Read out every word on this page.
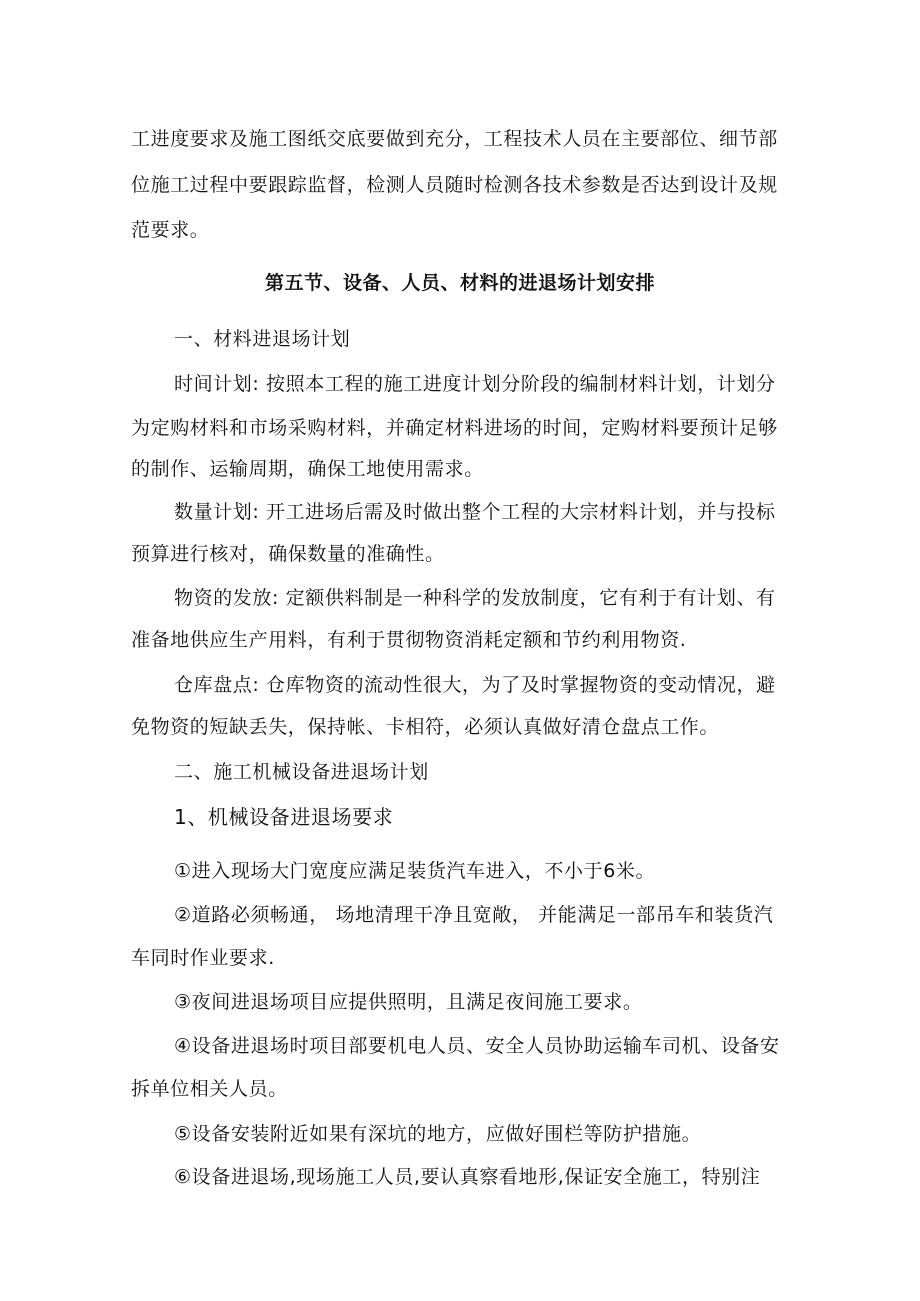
工进度要求及施工图纸交底要做到充分，工程技术人员在主要部位、细节部

位施工过程中要跟踪监督，检测人员随时检测各技术参数是否达到设计及规

范要求。

第五节、设备、人员、材料的进退场计划安排

一、材料进退场计划

时间计划: 按照本工程的施工进度计划分阶段的编制材料计划，计划分

为定购材料和市场采购材料，并确定材料进场的时间，定购材料要预计足够

的制作、运输周期，确保工地使用需求。

数量计划: 开工进场后需及时做出整个工程的大宗材料计划，并与投标

预算进行核对，确保数量的准确性。

物资的发放: 定额供料制是一种科学的发放制度，它有利于有计划、有

准备地供应生产用料，有利于贯彻物资消耗定额和节约利用物资.

仓库盘点: 仓库物资的流动性很大，为了及时掌握物资的变动情况，避

免物资的短缺丢失，保持帐、卡相符，必须认真做好清仓盘点工作。

二、施工机械设备进退场计划

1、机械设备进退场要求

①进入现场大门宽度应满足装货汽车进入，不小于6米。

②道路必须畅通， 场地清理干净且宽敞， 并能满足一部吊车和装货汽

车同时作业要求.

③夜间进退场项目应提供照明，且满足夜间施工要求。

④设备进退场时项目部要机电人员、安全人员协助运输车司机、设备安

拆单位相关人员。

⑤设备安装附近如果有深坑的地方，应做好围栏等防护措施。

⑥设备进退场,现场施工人员,要认真察看地形,保证安全施工，特别注
